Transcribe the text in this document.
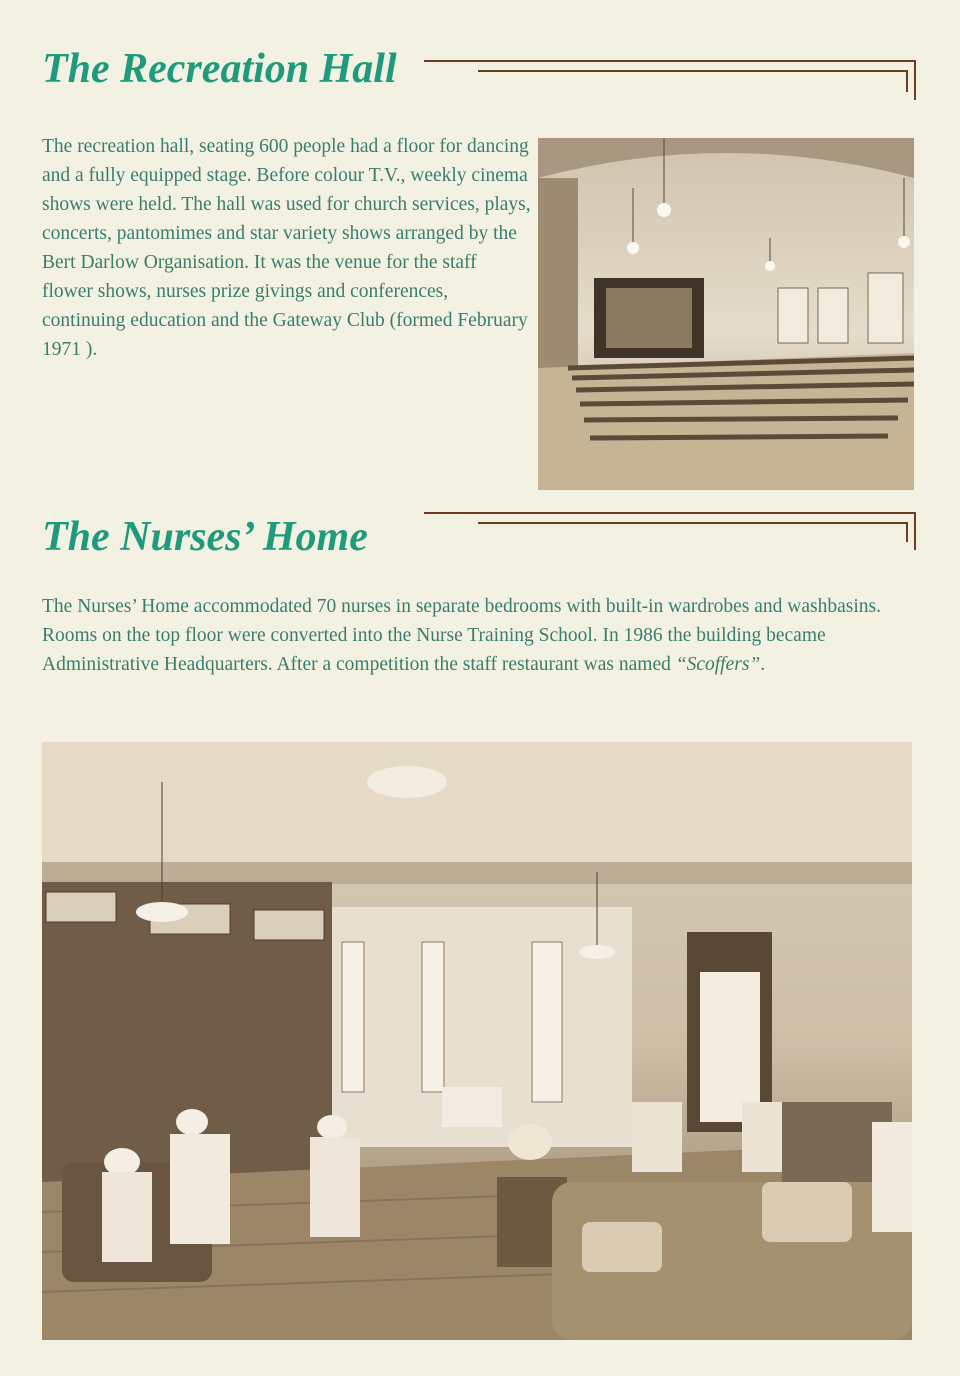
The Recreation Hall

The recreation hall, seating 600 people had a floor for dancing and a fully equipped stage. Before colour T.V., weekly cinema shows were held. The hall was used for church services, plays, concerts, pantomimes and star variety shows arranged by the Bert Darlow Organisation. It was the venue for the staff flower shows, nurses prize givings and conferences, continuing education and the Gateway Club (formed February 1971 ).

The Nurses’ Home

The Nurses’ Home accommodated 70 nurses in separate bedrooms with built-in wardrobes and washbasins. Rooms on the top floor were converted into the Nurse Training School. In 1986 the building became Administrative Headquarters. After a competition the staff restaurant was named “Scoffers”.
